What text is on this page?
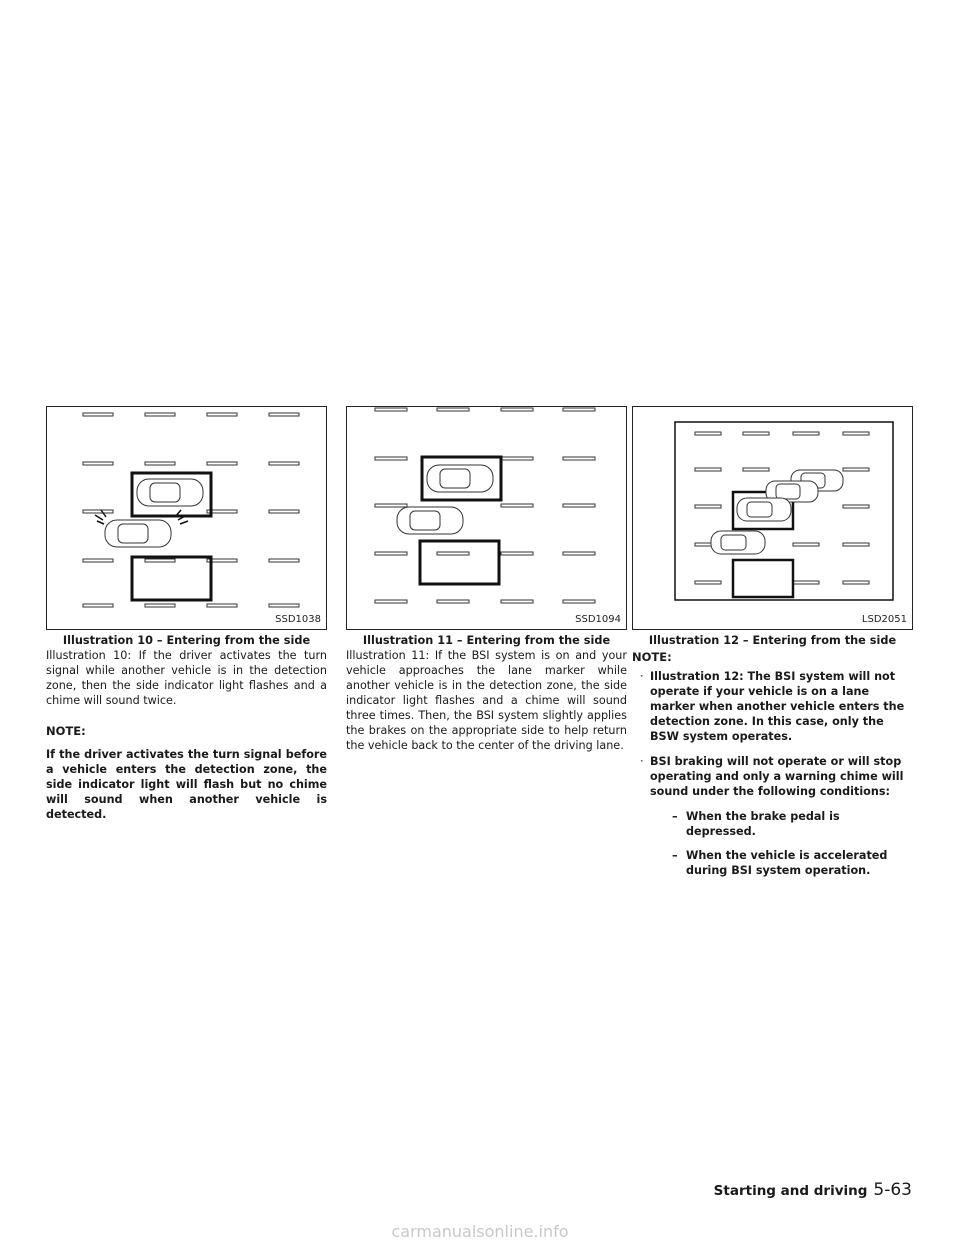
SSD1038
Illustration 10 – Entering from the side

Illustration 10: If the driver activates the turn signal while another vehicle is in the detection zone, then the side indicator light flashes and a chime will sound twice.

NOTE:

If the driver activates the turn signal before a vehicle enters the detection zone, the side indicator light will flash but no chime will sound when another vehicle is detected.

SSD1094
Illustration 11 – Entering from the side

Illustration 11: If the BSI system is on and your vehicle approaches the lane marker while another vehicle is in the detection zone, the side indicator light flashes and a chime will sound three times. Then, the BSI system slightly applies the brakes on the appropriate side to help return the vehicle back to the center of the driving lane.

LSD2051
Illustration 12 – Entering from the side
NOTE:
· Illustration 12: The BSI system will not operate if your vehicle is on a lane marker when another vehicle enters the detection zone. In this case, only the BSW system operates.
· BSI braking will not operate or will stop operating and only a warning chime will sound under the following conditions:
– When the brake pedal is depressed.
– When the vehicle is accelerated during BSI system operation.
Starting and driving 5-63
carmanualsonline.info
